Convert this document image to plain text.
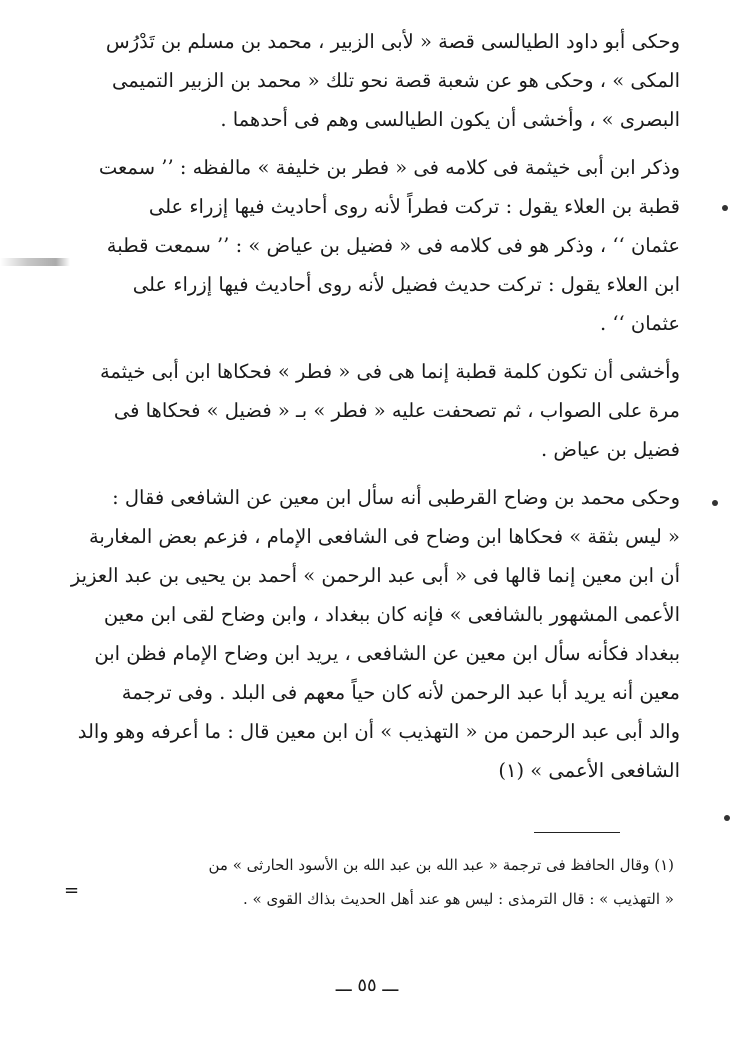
وحكى أبو داود الطيالسى قصة « لأبى الزبير ، محمد بن مسلم بن تَدْرُس

المكى » ، وحكى هو عن شعبة قصة نحو تلك « محمد بن الزبير التميمى

البصرى » ، وأخشى أن يكون الطيالسى وهم فى أحدهما .

وذكر ابن أبى خيثمة فى كلامه فى « فطر بن خليفة » مالفظه : ’’ سمعت

قطبة بن العلاء يقول : تركت فطراً لأنه روى أحاديث فيها إزراء على

عثمان ‘‘ ، وذكر هو فى كلامه فى « فضيل بن عياض » : ’’ سمعت قطبة

ابن العلاء يقول : تركت حديث فضيل لأنه روى أحاديث فيها إزراء على

عثمان ‘‘ .

وأخشى أن تكون كلمة قطبة إنما هى فى « فطر » فحكاها ابن أبى خيثمة

مرة على الصواب ، ثم تصحفت عليه « فطر » بـ « فضيل » فحكاها فى

فضيل بن عياض .

وحكى محمد بن وضاح القرطبى أنه سأل ابن معين عن الشافعى فقال :

« ليس بثقة » فحكاها ابن وضاح فى الشافعى الإمام ، فزعم بعض المغاربة

أن ابن معين إنما قالها فى « أبى عبد الرحمن » أحمد بن يحيى بن عبد العزيز

الأعمى المشهور بالشافعى » فإنه كان ببغداد ، وابن وضاح لقى ابن معين

ببغداد فكأنه سأل ابن معين عن الشافعى ، يريد ابن وضاح الإمام فظن ابن

معين أنه يريد أبا عبد الرحمن لأنه كان حياً معهم فى البلد . وفى ترجمة

والد أبى عبد الرحمن من « التهذيب » أن ابن معين قال : ما أعرفه وهو والد

الشافعى الأعمى » (١)

(١) وقال الحافظ فى ترجمة « عبد الله بن عبد الله بن الأسود الحارثى » من

« التهذيب » : قال الترمذى : ليس هو عند أهل الحديث بذاك القوى » .

=
ـــ ٥٥ ـــ
